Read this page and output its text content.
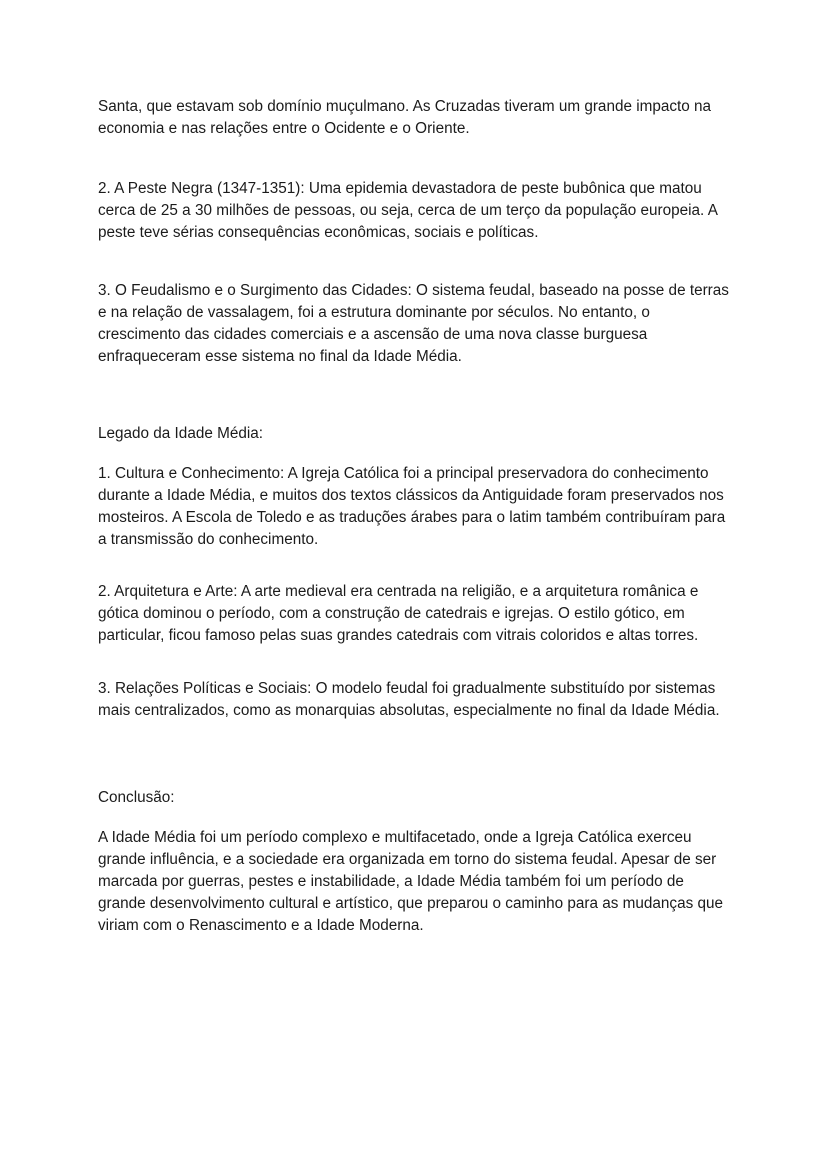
Santa, que estavam sob domínio muçulmano. As Cruzadas tiveram um grande impacto na economia e nas relações entre o Ocidente e o Oriente.

2. A Peste Negra (1347-1351): Uma epidemia devastadora de peste bubônica que matou cerca de 25 a 30 milhões de pessoas, ou seja, cerca de um terço da população europeia. A peste teve sérias consequências econômicas, sociais e políticas.

3. O Feudalismo e o Surgimento das Cidades: O sistema feudal, baseado na posse de terras e na relação de vassalagem, foi a estrutura dominante por séculos. No entanto, o crescimento das cidades comerciais e a ascensão de uma nova classe burguesa enfraqueceram esse sistema no final da Idade Média.

Legado da Idade Média:

1. Cultura e Conhecimento: A Igreja Católica foi a principal preservadora do conhecimento durante a Idade Média, e muitos dos textos clássicos da Antiguidade foram preservados nos mosteiros. A Escola de Toledo e as traduções árabes para o latim também contribuíram para a transmissão do conhecimento.

2. Arquitetura e Arte: A arte medieval era centrada na religião, e a arquitetura românica e gótica dominou o período, com a construção de catedrais e igrejas. O estilo gótico, em particular, ficou famoso pelas suas grandes catedrais com vitrais coloridos e altas torres.

3. Relações Políticas e Sociais: O modelo feudal foi gradualmente substituído por sistemas mais centralizados, como as monarquias absolutas, especialmente no final da Idade Média.

Conclusão:

A Idade Média foi um período complexo e multifacetado, onde a Igreja Católica exerceu grande influência, e a sociedade era organizada em torno do sistema feudal. Apesar de ser marcada por guerras, pestes e instabilidade, a Idade Média também foi um período de grande desenvolvimento cultural e artístico, que preparou o caminho para as mudanças que viriam com o Renascimento e a Idade Moderna.
